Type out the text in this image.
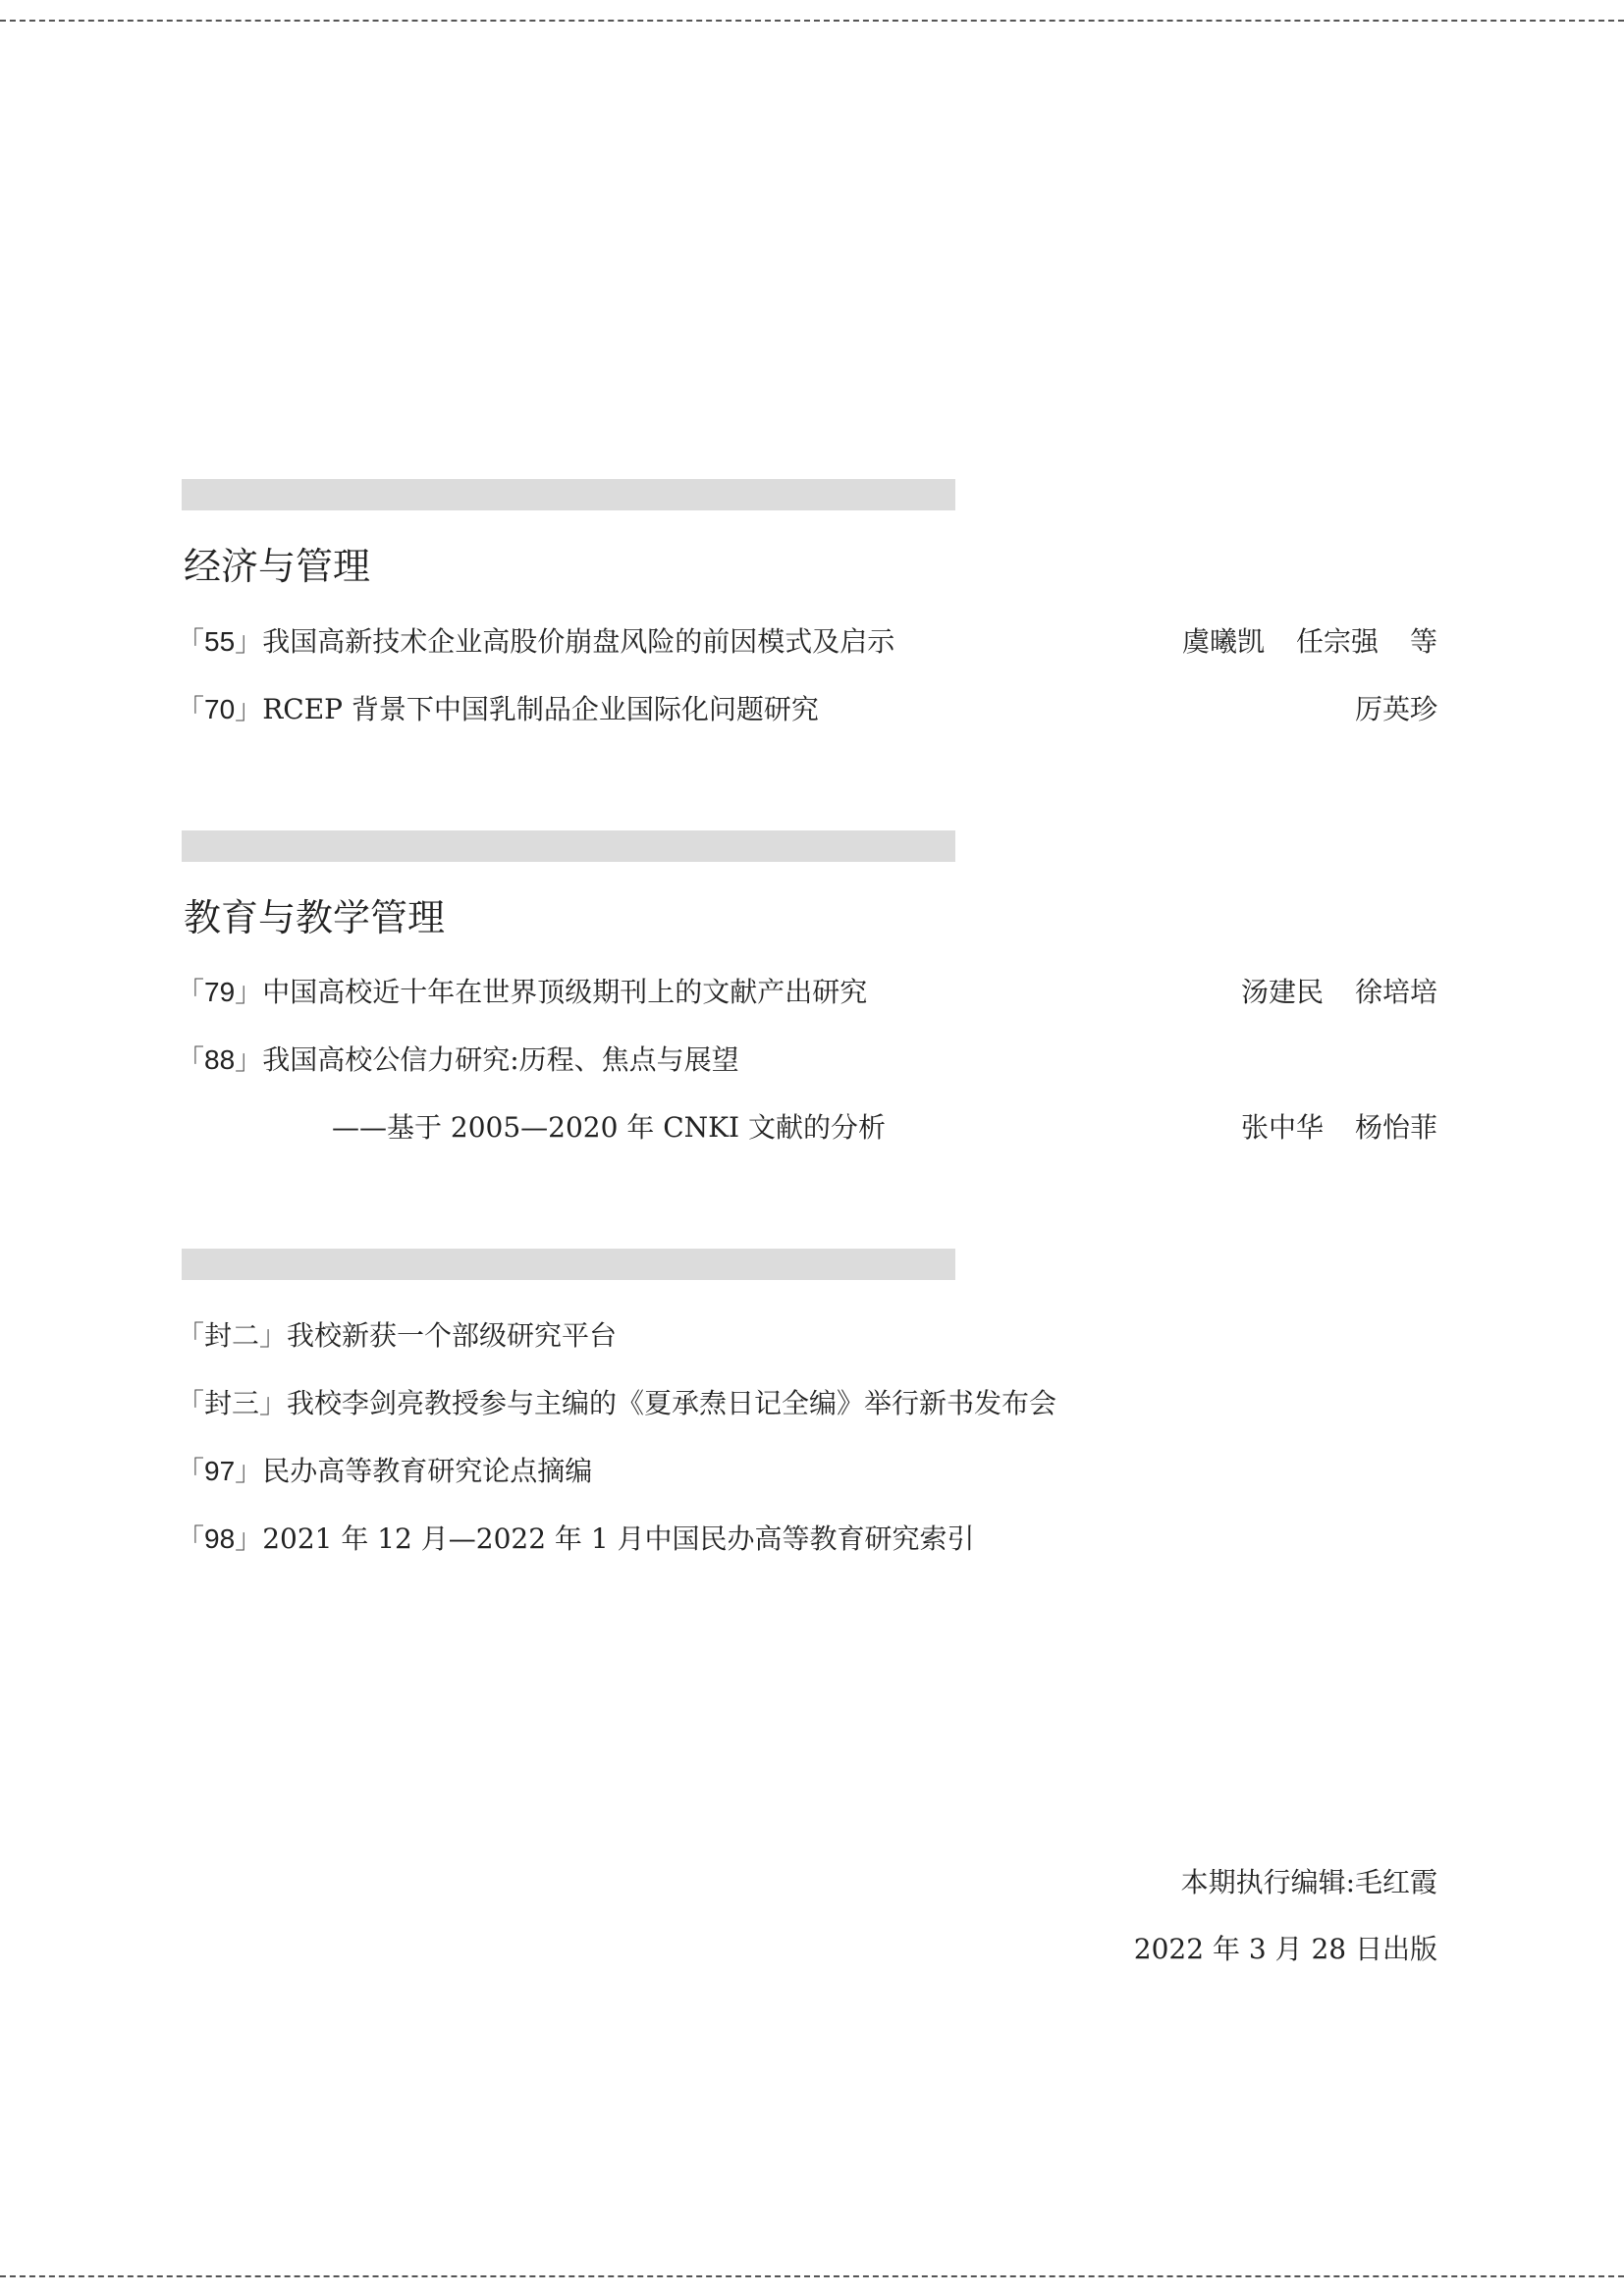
经济与管理
「55」我国高新技术企业高股价崩盘风险的前因模式及启示	虞曦凯 任宗强 等
「70」RCEP 背景下中国乳制品企业国际化问题研究	厉英珍
教育与教学管理
「79」中国高校近十年在世界顶级期刊上的文献产出研究	汤建民 徐培培
「88」我国高校公信力研究:历程、焦点与展望
——基于 2005—2020 年 CNKI 文献的分析	张中华 杨怡菲
「封二」我校新获一个部级研究平台
「封三」我校李剑亮教授参与主编的《夏承焘日记全编》举行新书发布会
「97」民办高等教育研究论点摘编
「98」2021 年 12 月—2022 年 1 月中国民办高等教育研究索引
本期执行编辑:毛红霞
2022 年 3 月 28 日出版
